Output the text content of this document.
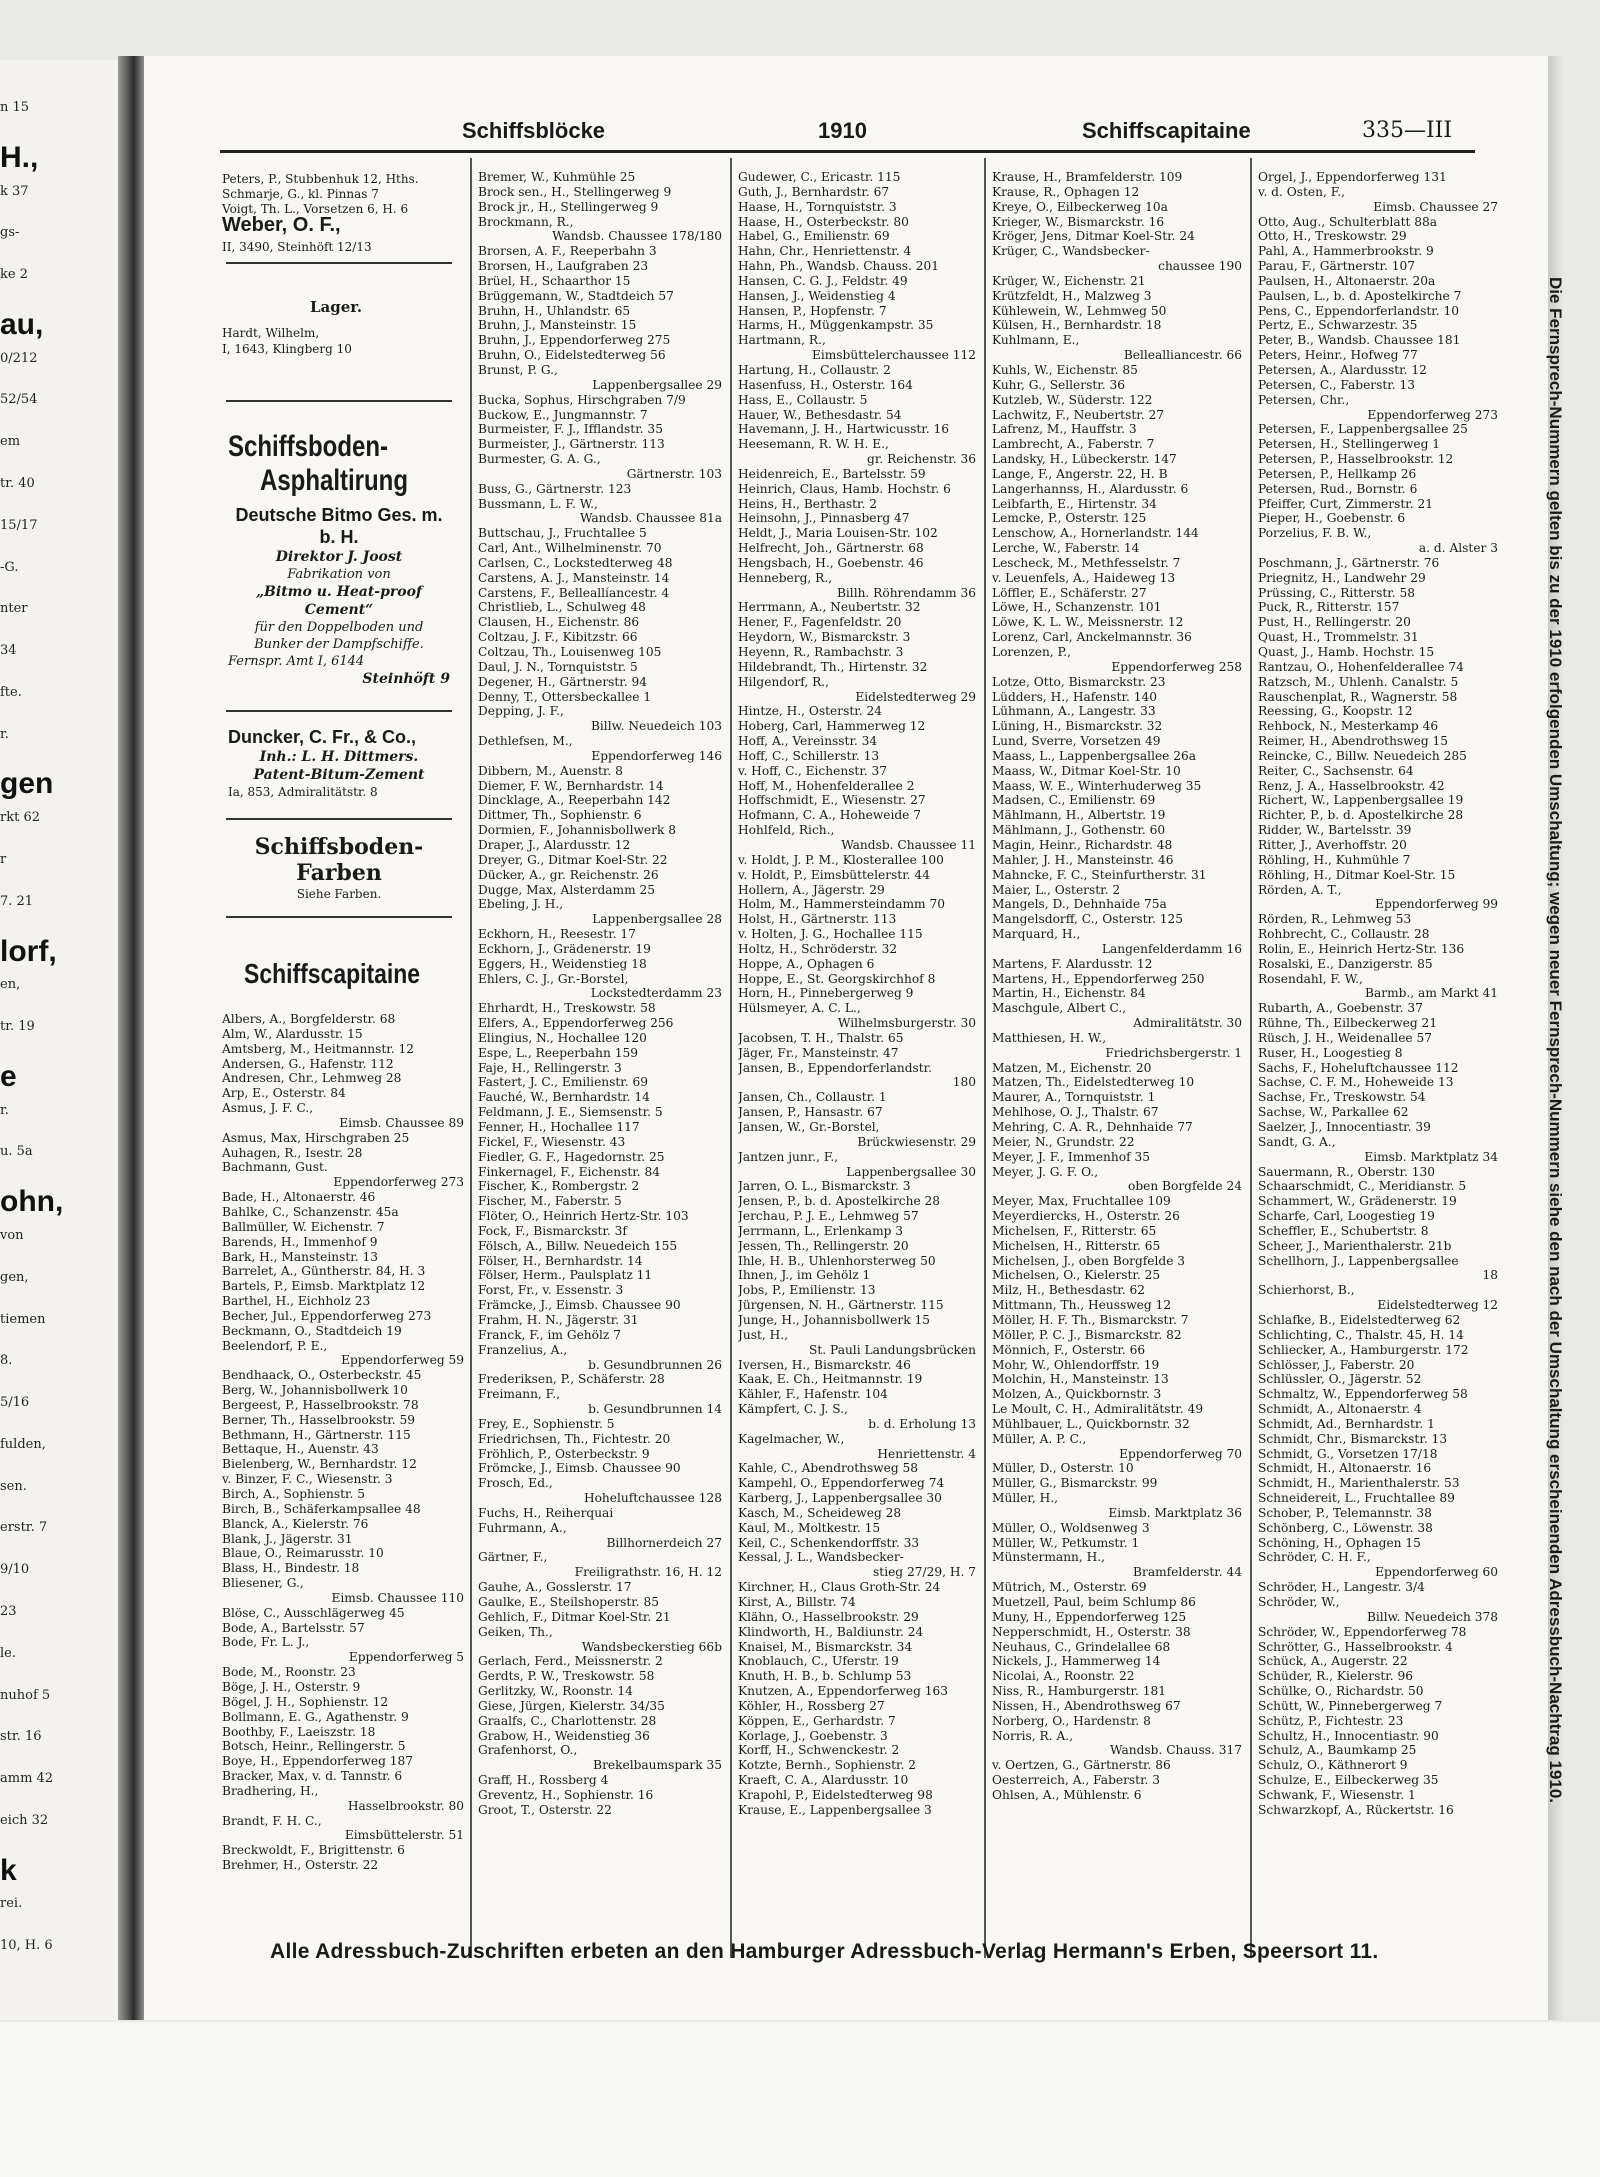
n 15
H.,
k 37
gs-
ke 2
au,
0/212
52/54
em
tr. 40
15/17
-G.
nter
34
fte.
r.
gen
rkt 62
r
7. 21
lorf,
en,
tr. 19
e
r.
u. 5a
ohn,
von
gen,
tiemen
8.
5/16
fulden,
sen.
erstr. 7
9/10
23
le.
nuhof 5
str. 16
amm 42
eich 32
k
rei.
10, H. 6
Schiffsblöcke	1910	Schiffscapitaine	335—III
Peters, P., Stubbenhuk 12, Hths.
Schmarje, G., kl. Pinnas 7
Voigt, Th. L., Vorsetzen 6, H. 6
Weber, O. F.,
II, 3490, Steinhöft 12/13
Lager.
Hardt, Wilhelm,
I, 1643, Klingberg 10
Schiffsboden-
Asphaltirung
Deutsche Bitmo Ges. m. b. H.
Direktor J. Joost
Fabrikation von
„Bitmo u. Heat-proof Cement“
für den Doppelboden und
Bunker der Dampfschiffe.
Fernspr. Amt I, 6144
Steinhöft 9
Duncker, C. Fr., & Co.,
Inh.: L. H. Dittmers.
Patent-Bitum-Zement
Ia, 853, Admiralitätstr. 8
Schiffsboden-Farben
Siehe Farben.
Schiffscapitaine
Albers, A., Borgfelderstr. 68
Alm, W., Alardusstr. 15
Amtsberg, M., Heitmannstr. 12
Andersen, G., Hafenstr. 112
Andresen, Chr., Lehmweg 28
Arp, E., Osterstr. 84
Asmus, J. F. C.,
Eimsb. Chaussee 89
Asmus, Max, Hirschgraben 25
Auhagen, R., Isestr. 28
Bachmann, Gust.
Eppendorferweg 273
Bade, H., Altonaerstr. 46
Bahlke, C., Schanzenstr. 45a
Ballmüller, W. Eichenstr. 7
Barends, H., Immenhof 9
Bark, H., Mansteinstr. 13
Barrelet, A., Güntherstr. 84, H. 3
Bartels, P., Eimsb. Marktplatz 12
Barthel, H., Eichholz 23
Becher, Jul., Eppendorferweg 273
Beckmann, O., Stadtdeich 19
Beelendorf, P. E.,
Eppendorferweg 59
Bendhaack, O., Osterbeckstr. 45
Berg, W., Johannisbollwerk 10
Bergeest, P., Hasselbrookstr. 78
Berner, Th., Hasselbrookstr. 59
Bethmann, H., Gärtnerstr. 115
Bettaque, H., Auenstr. 43
Bielenberg, W., Bernhardstr. 12
v. Binzer, F. C., Wiesenstr. 3
Birch, A., Sophienstr. 5
Birch, B., Schäferkampsallee 48
Blanck, A., Kielerstr. 76
Blank, J., Jägerstr. 31
Blaue, O., Reimarusstr. 10
Blass, H., Bindestr. 18
Bliesener, G.,
Eimsb. Chaussee 110
Blöse, C., Ausschlägerweg 45
Bode, A., Bartelsstr. 57
Bode, Fr. L. J.,
Eppendorferweg 5
Bode, M., Roonstr. 23
Böge, J. H., Osterstr. 9
Bögel, J. H., Sophienstr. 12
Bollmann, E. G., Agathenstr. 9
Boothby, F., Laeiszstr. 18
Botsch, Heinr., Rellingerstr. 5
Boye, H., Eppendorferweg 187
Bracker, Max, v. d. Tannstr. 6
Bradhering, H.,
Hasselbrookstr. 80
Brandt, F. H. C.,
Eimsbüttelerstr. 51
Breckwoldt, F., Brigittenstr. 6
Brehmer, H., Osterstr. 22
Bremer, W., Kuhmühle 25
Brock sen., H., Stellingerweg 9
Brock jr., H., Stellingerweg 9
Brockmann, R.,
Wandsb. Chaussee 178/180
Brorsen, A. F., Reeperbahn 3
Brorsen, H., Laufgraben 23
Brüel, H., Schaarthor 15
Brüggemann, W., Stadtdeich 57
Bruhn, H., Uhlandstr. 65
Bruhn, J., Mansteinstr. 15
Bruhn, J., Eppendorferweg 275
Bruhn, O., Eidelstedterweg 56
Brunst, P. G.,
Lappenbergsallee 29
Bucka, Sophus, Hirschgraben 7/9
Buckow, E., Jungmannstr. 7
Burmeister, F. J., Ifflandstr. 35
Burmeister, J., Gärtnerstr. 113
Burmester, G. A. G.,
Gärtnerstr. 103
Buss, G., Gärtnerstr. 123
Bussmann, L. F. W.,
Wandsb. Chaussee 81a
Buttschau, J., Fruchtallee 5
Carl, Ant., Wilhelminenstr. 70
Carlsen, C., Lockstedterweg 48
Carstens, A. J., Mansteinstr. 14
Carstens, F., Belleallíancestr. 4
Christlieb, L., Schulweg 48
Clausen, H., Eichenstr. 86
Coltzau, J. F., Kibitzstr. 66
Coltzau, Th., Louisenweg 105
Daul, J. N., Tornquiststr. 5
Degener, H., Gärtnerstr. 94
Denny, T., Ottersbeckallee 1
Depping, J. F.,
Billw. Neuedeich 103
Dethlefsen, M.,
Eppendorferweg 146
Dibbern, M., Auenstr. 8
Diemer, F. W., Bernhardstr. 14
Dincklage, A., Reeperbahn 142
Dittmer, Th., Sophienstr. 6
Dormien, F., Johannisbollwerk 8
Draper, J., Alardusstr. 12
Dreyer, G., Ditmar Koel-Str. 22
Dücker, A., gr. Reichenstr. 26
Dugge, Max, Alsterdamm 25
Ebeling, J. H.,
Lappenbergsallee 28
Eckhorn, H., Reesestr. 17
Eckhorn, J., Grädenerstr. 19
Eggers, H., Weidenstieg 18
Ehlers, C. J., Gr.-Borstel,
Lockstedterdamm 23
Ehrhardt, H., Treskowstr. 58
Elfers, A., Eppendorferweg 256
Elingius, N., Hochallee 120
Espe, L., Reeperbahn 159
Faje, H., Rellingerstr. 3
Fastert, J. C., Emilienstr. 69
Fauché, W., Bernhardstr. 14
Feldmann, J. E., Siemsenstr. 5
Fenner, H., Hochallee 117
Fickel, F., Wiesenstr. 43
Fiedler, G. F., Hagedornstr. 25
Finkernagel, F., Eichenstr. 84
Fischer, K., Rombergstr. 2
Fischer, M., Faberstr. 5
Flöter, O., Heinrich Hertz-Str. 103
Fock, F., Bismarckstr. 3f
Fölsch, A., Billw. Neuedeich 155
Fölser, H., Bernhardstr. 14
Fölser, Herm., Paulsplatz 11
Forst, Fr., v. Essenstr. 3
Främcke, J., Eimsb. Chaussee 90
Frahm, H. N., Jägerstr. 31
Franck, F., im Gehölz 7
Franzelius, A.,
b. Gesundbrunnen 26
Frederiksen, P., Schäferstr. 28
Freimann, F.,
b. Gesundbrunnen 14
Frey, E., Sophienstr. 5
Friedrichsen, Th., Fichtestr. 20
Fröhlich, P., Osterbeckstr. 9
Frömcke, J., Eimsb. Chaussee 90
Frosch, Ed.,
Hoheluftchaussee 128
Fuchs, H., Reiherquai
Fuhrmann, A.,
Billhornerdeich 27
Gärtner, F.,
Freiligrathstr. 16, H. 12
Gauhe, A., Gosslerstr. 17
Gaulke, E., Steilshoperstr. 85
Gehlich, F., Ditmar Koel-Str. 21
Geiken, Th.,
Wandsbeckerstieg 66b
Gerlach, Ferd., Meissnerstr. 2
Gerdts, P. W., Treskowstr. 58
Gerlitzky, W., Roonstr. 14
Giese, Jürgen, Kielerstr. 34/35
Graalfs, C., Charlottenstr. 28
Grabow, H., Weidenstieg 36
Grafenhorst, O.,
Brekelbaumspark 35
Graff, H., Rossberg 4
Greventz, H., Sophienstr. 16
Groot, T., Osterstr. 22
Gudewer, C., Ericastr. 115
Guth, J., Bernhardstr. 67
Haase, H., Tornquiststr. 3
Haase, H., Osterbeckstr. 80
Habel, G., Emilienstr. 69
Hahn, Chr., Henriettenstr. 4
Hahn, Ph., Wandsb. Chauss. 201
Hansen, C. G. J., Feldstr. 49
Hansen, J., Weidenstieg 4
Hansen, P., Hopfenstr. 7
Harms, H., Müggenkampstr. 35
Hartmann, R.,
Eimsbüttelerchaussee 112
Hartung, H., Collaustr. 2
Hasenfuss, H., Osterstr. 164
Hass, E., Collaustr. 5
Hauer, W., Bethesdastr. 54
Havemann, J. H., Hartwicusstr. 16
Heesemann, R. W. H. E.,
gr. Reichenstr. 36
Heidenreich, E., Bartelsstr. 59
Heinrich, Claus, Hamb. Hochstr. 6
Heins, H., Berthastr. 2
Heinsohn, J., Pinnasberg 47
Heldt, J., Maria Louisen-Str. 102
Helfrecht, Joh., Gärtnerstr. 68
Hengsbach, H., Goebenstr. 46
Henneberg, R.,
Billh. Röhrendamm 36
Herrmann, A., Neubertstr. 32
Hener, F., Fagenfeldstr. 20
Heydorn, W., Bismarckstr. 3
Heyenn, R., Rambachstr. 3
Hildebrandt, Th., Hirtenstr. 32
Hilgendorf, R.,
Eidelstedterweg 29
Hintze, H., Osterstr. 24
Hoberg, Carl, Hammerweg 12
Hoff, A., Vereinsstr. 34
Hoff, C., Schillerstr. 13
v. Hoff, C., Eichenstr. 37
Hoff, M., Hohenfelderallee 2
Hoffschmidt, E., Wiesenstr. 27
Hofmann, C. A., Hoheweide 7
Hohlfeld, Rich.,
Wandsb. Chaussee 11
v. Holdt, J. P. M., Klosterallee 100
v. Holdt, P., Eimsbüttelerstr. 44
Hollern, A., Jägerstr. 29
Holm, M., Hammersteindamm 70
Holst, H., Gärtnerstr. 113
v. Holten, J. G., Hochallee 115
Holtz, H., Schröderstr. 32
Hoppe, A., Ophagen 6
Hoppe, E., St. Georgskirchhof 8
Horn, H., Pinnebergerweg 9
Hülsmeyer, A. C. L.,
Wilhelmsburgerstr. 30
Jacobsen, T. H., Thalstr. 65
Jäger, Fr., Mansteinstr. 47
Jansen, B., Eppendorferlandstr.
180
Jansen, Ch., Collaustr. 1
Jansen, P., Hansastr. 67
Jansen, W., Gr.-Borstel,
Brückwiesenstr. 29
Jantzen junr., F.,
Lappenbergsallee 30
Jarren, O. L., Bismarckstr. 3
Jensen, P., b. d. Apostelkirche 28
Jerchau, P. J. E., Lehmweg 57
Jerrmann, L., Erlenkamp 3
Jessen, Th., Rellingerstr. 20
Ihle, H. B., Uhlenhorsterweg 50
Ihnen, J., im Gehölz 1
Jobs, P., Emilienstr. 13
Jürgensen, N. H., Gärtnerstr. 115
Junge, H., Johannisbollwerk 15
Just, H.,
St. Pauli Landungsbrücken
Iversen, H., Bismarckstr. 46
Kaak, E. Ch., Heitmannstr. 19
Kähler, F., Hafenstr. 104
Kämpfert, C. J. S.,
b. d. Erholung 13
Kagelmacher, W.,
Henriettenstr. 4
Kahle, C., Abendrothsweg 58
Kampehl, O., Eppendorferweg 74
Karberg, J., Lappenbergsallee 30
Kasch, M., Scheideweg 28
Kaul, M., Moltkestr. 15
Keil, C., Schenkendorffstr. 33
Kessal, J. L., Wandsbecker-
stieg 27/29, H. 7
Kirchner, H., Claus Groth-Str. 24
Kirst, A., Billstr. 74
Klähn, O., Hasselbrookstr. 29
Klindworth, H., Baldiunstr. 24
Knaisel, M., Bismarckstr. 34
Knoblauch, C., Uferstr. 19
Knuth, H. B., b. Schlump 53
Knutzen, A., Eppendorferweg 163
Köhler, H., Rossberg 27
Köppen, E., Gerhardstr. 7
Korlage, J., Goebenstr. 3
Korff, H., Schwenckestr. 2
Kotzte, Bernh., Sophienstr. 2
Kraeft, C. A., Alardusstr. 10
Krapohl, P., Eidelstedterweg 98
Krause, E., Lappenbergsallee 3
Krause, H., Bramfelderstr. 109
Krause, R., Ophagen 12
Kreye, O., Eilbeckerweg 10a
Krieger, W., Bismarckstr. 16
Kröger, Jens, Ditmar Koel-Str. 24
Krüger, C., Wandsbecker-
chaussee 190
Krüger, W., Eichenstr. 21
Krützfeldt, H., Malzweg 3
Kühlewein, W., Lehmweg 50
Külsen, H., Bernhardstr. 18
Kuhlmann, E.,
Bellealliancestr. 66
Kuhls, W., Eichenstr. 85
Kuhr, G., Sellerstr. 36
Kutzleb, W., Süderstr. 122
Lachwitz, F., Neubertstr. 27
Lafrenz, M., Hauffstr. 3
Lambrecht, A., Faberstr. 7
Landsky, H., Lübeckerstr. 147
Lange, F., Angerstr. 22, H. B
Langerhannss, H., Alardusstr. 6
Leibfarth, E., Hirtenstr. 34
Lemcke, P., Osterstr. 125
Lenschow, A., Hornerlandstr. 144
Lerche, W., Faberstr. 14
Lescheck, M., Methfesselstr. 7
v. Leuenfels, A., Haideweg 13
Löffler, E., Schäferstr. 27
Löwe, H., Schanzenstr. 101
Löwe, K. L. W., Meissnerstr. 12
Lorenz, Carl, Anckelmannstr. 36
Lorenzen, P.,
Eppendorferweg 258
Lotze, Otto, Bismarckstr. 23
Lüdders, H., Hafenstr. 140
Lühmann, A., Langestr. 33
Lüning, H., Bismarckstr. 32
Lund, Sverre, Vorsetzen 49
Maass, L., Lappenbergsallee 26a
Maass, W., Ditmar Koel-Str. 10
Maass, W. E., Winterhuderweg 35
Madsen, C., Emilienstr. 69
Mählmann, H., Albertstr. 19
Mählmann, J., Gothenstr. 60
Magin, Heinr., Richardstr. 48
Mahler, J. H., Mansteinstr. 46
Mahncke, F. C., Steinfurtherstr. 31
Maier, L., Osterstr. 2
Mangels, D., Dehnhaide 75a
Mangelsdorff, C., Osterstr. 125
Marquard, H.,
Langenfelderdamm 16
Martens, F. Alardusstr. 12
Martens, H., Eppendorferweg 250
Martin, H., Eichenstr. 84
Maschgule, Albert C.,
Admiralitätstr. 30
Matthiesen, H. W.,
Friedrichsbergerstr. 1
Matzen, M., Eichenstr. 20
Matzen, Th., Eidelstedterweg 10
Maurer, A., Tornquiststr. 1
Mehlhose, O. J., Thalstr. 67
Mehring, C. A. R., Dehnhaide 77
Meier, N., Grundstr. 22
Meyer, J. F., Immenhof 35
Meyer, J. G. F. O.,
oben Borgfelde 24
Meyer, Max, Fruchtallee 109
Meyerdiercks, H., Osterstr. 26
Michelsen, F., Ritterstr. 65
Michelsen, H., Ritterstr. 65
Michelsen, J., oben Borgfelde 3
Michelsen, O., Kielerstr. 25
Milz, H., Bethesdastr. 62
Mittmann, Th., Heussweg 12
Möller, H. F. Th., Bismarckstr. 7
Möller, P. C. J., Bismarckstr. 82
Mönnich, F., Osterstr. 66
Mohr, W., Ohlendorffstr. 19
Molchin, H., Mansteinstr. 13
Molzen, A., Quickbornstr. 3
Le Moult, C. H., Admiralitätstr. 49
Mühlbauer, L., Quickbornstr. 32
Müller, A. P. C.,
Eppendorferweg 70
Müller, D., Osterstr. 10
Müller, G., Bismarckstr. 99
Müller, H.,
Eimsb. Marktplatz 36
Müller, O., Woldsenweg 3
Müller, W., Petkumstr. 1
Münstermann, H.,
Bramfelderstr. 44
Mütrich, M., Osterstr. 69
Muetzell, Paul, beim Schlump 86
Muny, H., Eppendorferweg 125
Nepperschmidt, H., Osterstr. 38
Neuhaus, C., Grindelallee 68
Nickels, J., Hammerweg 14
Nicolai, A., Roonstr. 22
Niss, R., Hamburgerstr. 181
Nissen, H., Abendrothsweg 67
Norberg, O., Hardenstr. 8
Norris, R. A.,
Wandsb. Chauss. 317
v. Oertzen, G., Gärtnerstr. 86
Oesterreich, A., Faberstr. 3
Ohlsen, A., Mühlenstr. 6
Orgel, J., Eppendorferweg 131
v. d. Osten, F.,
Eimsb. Chaussee 27
Otto, Aug., Schulterblatt 88a
Otto, H., Treskowstr. 29
Pahl, A., Hammerbrookstr. 9
Parau, F., Gärtnerstr. 107
Paulsen, H., Altonaerstr. 20a
Paulsen, L., b. d. Apostelkirche 7
Pens, C., Eppendorferlandstr. 10
Pertz, E., Schwarzestr. 35
Peter, B., Wandsb. Chaussee 181
Peters, Heinr., Hofweg 77
Petersen, A., Alardusstr. 12
Petersen, C., Faberstr. 13
Petersen, Chr.,
Eppendorferweg 273
Petersen, F., Lappenbergsallee 25
Petersen, H., Stellingerweg 1
Petersen, P., Hasselbrookstr. 12
Petersen, P., Hellkamp 26
Petersen, Rud., Bornstr. 6
Pfeiffer, Curt, Zimmerstr. 21
Pieper, H., Goebenstr. 6
Porzelius, F. B. W.,
a. d. Alster 3
Poschmann, J., Gärtnerstr. 76
Priegnitz, H., Landwehr 29
Prüssing, C., Ritterstr. 58
Puck, R., Ritterstr. 157
Pust, H., Rellingerstr. 20
Quast, H., Trommelstr. 31
Quast, J., Hamb. Hochstr. 15
Rantzau, O., Hohenfelderallee 74
Ratzsch, M., Uhlenh. Canalstr. 5
Rauschenplat, R., Wagnerstr. 58
Reessing, G., Koopstr. 12
Rehbock, N., Mesterkamp 46
Reimer, H., Abendrothsweg 15
Reincke, C., Billw. Neuedeich 285
Reiter, C., Sachsenstr. 64
Renz, J. A., Hasselbrookstr. 42
Richert, W., Lappenbergsallee 19
Richter, P., b. d. Apostelkirche 28
Ridder, W., Bartelsstr. 39
Ritter, J., Averhoffstr. 20
Röhling, H., Kuhmühle 7
Röhling, H., Ditmar Koel-Str. 15
Rörden, A. T.,
Eppendorferweg 99
Rörden, R., Lehmweg 53
Rohbrecht, C., Collaustr. 28
Rolin, E., Heinrich Hertz-Str. 136
Rosalski, E., Danzigerstr. 85
Rosendahl, F. W.,
Barmb., am Markt 41
Rubarth, A., Goebenstr. 37
Rühne, Th., Eilbeckerweg 21
Rüsch, J. H., Weidenallee 57
Ruser, H., Loogestieg 8
Sachs, F., Hoheluftchaussee 112
Sachse, C. F. M., Hoheweide 13
Sachse, Fr., Treskowstr. 54
Sachse, W., Parkallee 62
Saelzer, J., Innocentiastr. 39
Sandt, G. A.,
Eimsb. Marktplatz 34
Sauermann, R., Oberstr. 130
Schaarschmidt, C., Meridianstr. 5
Schammert, W., Grädenerstr. 19
Scharfe, Carl, Loogestieg 19
Scheffler, E., Schubertstr. 8
Scheer, J., Marienthalerstr. 21b
Schellhorn, J., Lappenbergsallee
18
Schierhorst, B.,
Eidelstedterweg 12
Schlafke, B., Eidelstedterweg 62
Schlichting, C., Thalstr. 45, H. 14
Schliecker, A., Hamburgerstr. 172
Schlösser, J., Faberstr. 20
Schlüssler, O., Jägerstr. 52
Schmaltz, W., Eppendorferweg 58
Schmidt, A., Altonaerstr. 4
Schmidt, Ad., Bernhardstr. 1
Schmidt, Chr., Bismarckstr. 13
Schmidt, G., Vorsetzen 17/18
Schmidt, H., Altonaerstr. 16
Schmidt, H., Marienthalerstr. 53
Schneidereit, L., Fruchtallee 89
Schober, P., Telemannstr. 38
Schönberg, C., Löwenstr. 38
Schöning, H., Ophagen 15
Schröder, C. H. F.,
Eppendorferweg 60
Schröder, H., Langestr. 3/4
Schröder, W.,
Billw. Neuedeich 378
Schröder, W., Eppendorferweg 78
Schrötter, G., Hasselbrookstr. 4
Schück, A., Augerstr. 22
Schüder, R., Kielerstr. 96
Schülke, O., Richardstr. 50
Schütt, W., Pinnebergerweg 7
Schütz, P., Fichtestr. 23
Schultz, H., Innocentiastr. 90
Schulz, A., Baumkamp 25
Schulz, O., Käthnerort 9
Schulze, E., Eilbeckerweg 35
Schwank, F., Wiesenstr. 1
Schwarzkopf, A., Rückertstr. 16
Die Fernsprech-Nummern gelten bis zu der 1910 erfolgenden Umschaltung; wegen neuer Fernsprech-Nummern siehe den nach der Umschaltung erscheinenden Adressbuch-Nachtrag 1910.
Alle Adressbuch-Zuschriften erbeten an den Hamburger Adressbuch-Verlag Hermann's Erben, Speersort 11.
